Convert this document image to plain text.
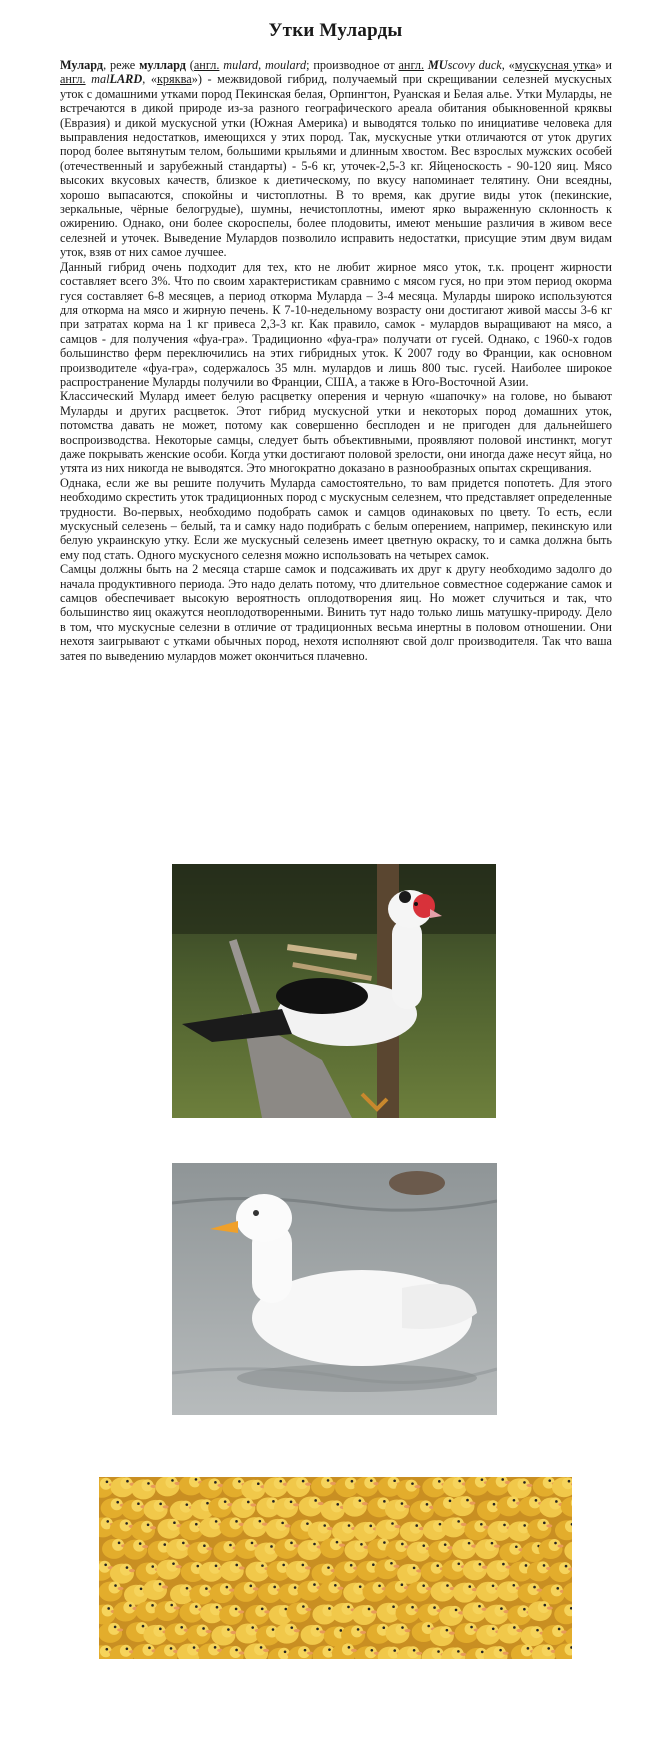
Утки Муларды

Мулард, реже муллард (англ. mulard, moulard; производное от англ. MUscovy duck, «мускусная утка» и англ. malLARD, «кряква») - межвидовой гибрид, получаемый при скрещивании селезней мускусных уток с домашними утками пород Пекинская белая, Орпингтон, Руанская и Белая алье. Утки Муларды, не встречаются в дикой природе из-за разного географического ареала обитания обыкновенной кряквы (Евразия) и дикой мускусной утки (Южная Америка) и выводятся только по инициативе человека для выправления недостатков, имеющихся у этих пород. Так, мускусные утки отличаются от уток других пород более вытянутым телом, большими крыльями и длинным хвостом. Вес взрослых мужских особей (отечественный и зарубежный стандарты) - 5-6 кг, уточек-2,5-3 кг. Яйценоскость - 90-120 яиц. Мясо высоких вкусовых качеств, близкое к диетическому, по вкусу напоминает телятину. Они всеядны, хорошо выпасаются, спокойны и чистоплотны. В то время, как другие виды уток (пекинские, зеркальные, чёрные белогрудые), шумны, нечистоплотны, имеют ярко выраженную склонность к ожирению. Однако, они более скороспелы, более плодовиты, имеют меньшие различия в живом весе селезней и уточек. Выведение Мулардов позволило исправить недостатки, присущие этим двум видам уток, взяв от них самое лучшее.

Данный гибрид очень подходит для тех, кто не любит жирное мясо уток, т.к. процент жирности составляет всего 3%. Что по своим характеристикам сравнимо с мясом гуся, но при этом период окорма гуся составляет 6-8 месяцев, а период откорма Муларда – 3-4 месяца. Муларды широко используются для откорма на мясо и жирную печень. К 7-10-недельному возрасту они достигают живой массы 3-6 кг при затратах корма на 1 кг привеса 2,3-3 кг. Как правило, самок - мулардов выращивают на мясо, а самцов - для получения «фуа-гра». Традиционно «фуа-гра» получати от гусей. Однако, с 1960-х годов большинство ферм переключились на этих гибридных уток. К 2007 году во Франции, как основном производителе «фуа-гра», содержалось 35 млн. мулардов и лишь 800 тыс. гусей. Наиболее широкое распространение Муларды получили во Франции, США, а также в Юго-Восточной Азии.

Классический Мулард имеет белую расцветку оперения и черную «шапочку» на голове, но бывают Муларды и других расцветок. Этот гибрид мускусной утки и некоторых пород домашних уток, потомства давать не может, потому как совершенно бесплоден и не пригоден для дальнейшего воспроизводства. Некоторые самцы, следует быть объективными, проявляют половой инстинкт, могут даже покрывать женские особи. Когда утки достигают половой зрелости, они иногда даже несут яйца, но утята из них никогда не выводятся. Это многократно доказано в разнообразных опытах скрещивания.

Однака, если же вы решите получить Муларда самостоятельно, то вам придется попотеть. Для этого необходимо скрестить уток традиционных пород с мускусным селезнем, что представляет определенные трудности. Во-первых, необходимо подобрать самок и самцов одинаковых по цвету. То есть, если мускусный селезень – белый, та и самку надо подибрать с белым оперением, например, пекинскую или белую украинскую утку. Если же мускусный селезень имеет цветную окраску, то и самка должна быть ему под стать. Одного мускусного селезня можно использовать на четырех самок.

Самцы должны быть на 2 месяца старше самок и подсаживать их друг к другу необходимо задолго до начала продуктивного периода. Это надо делать потому, что длительное совместное содержание самок и самцов обеспечивает высокую вероятность оплодотворения яиц. Но может случиться и так, что большинство яиц окажутся неоплодотворенными. Винить тут надо только лишь матушку-природу. Дело в том, что мускусные селезни в отличие от традиционных весьма инертны в половом отношении. Они нехотя заигрывают с утками обычных пород, нехотя исполняют свой долг производителя. Так что ваша затея по выведению мулардов может окончиться плачевно.
